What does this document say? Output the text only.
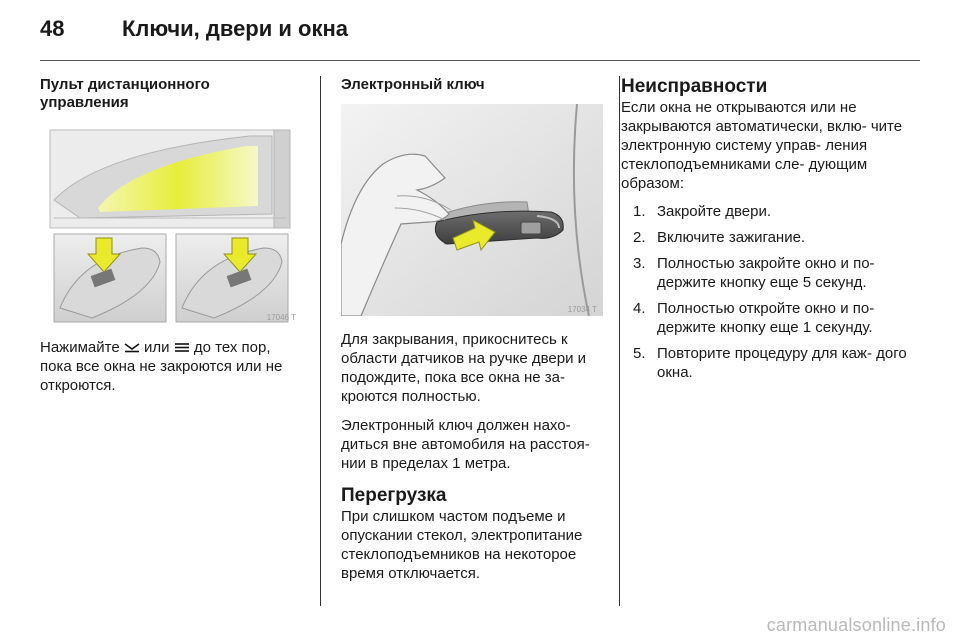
48	Ключи, двери и окна
Пульт дистанционного управления
17046 T

Нажимайте или до тех пор,
пока все окна не закроются или не
откроются.

Электронный ключ
17034 T

Для закрывания, прикоснитесь к области датчиков на ручке двери и подождите, пока все окна не за- кроются полностью.

Электронный ключ должен нахо- диться вне автомобиля на расстоя- нии в пределах 1 метра.

Перегрузка

При слишком частом подъеме и опускании стекол, электропитание стеклоподъемников на некоторое время отключается.

Неисправности

Если окна не открываются или не закрываются автоматически, вклю- чите электронную систему управ- ления стеклоподъемниками сле- дующим образом:

1. Закройте двери.
2. Включите зажигание.
3. Полностью закройте окно и по- держите кнопку еще 5 секунд.
4. Полностью откройте окно и по- держите кнопку еще 1 секунду.
5. Повторите процедуру для каж- дого окна.
carmanualsonline.info
